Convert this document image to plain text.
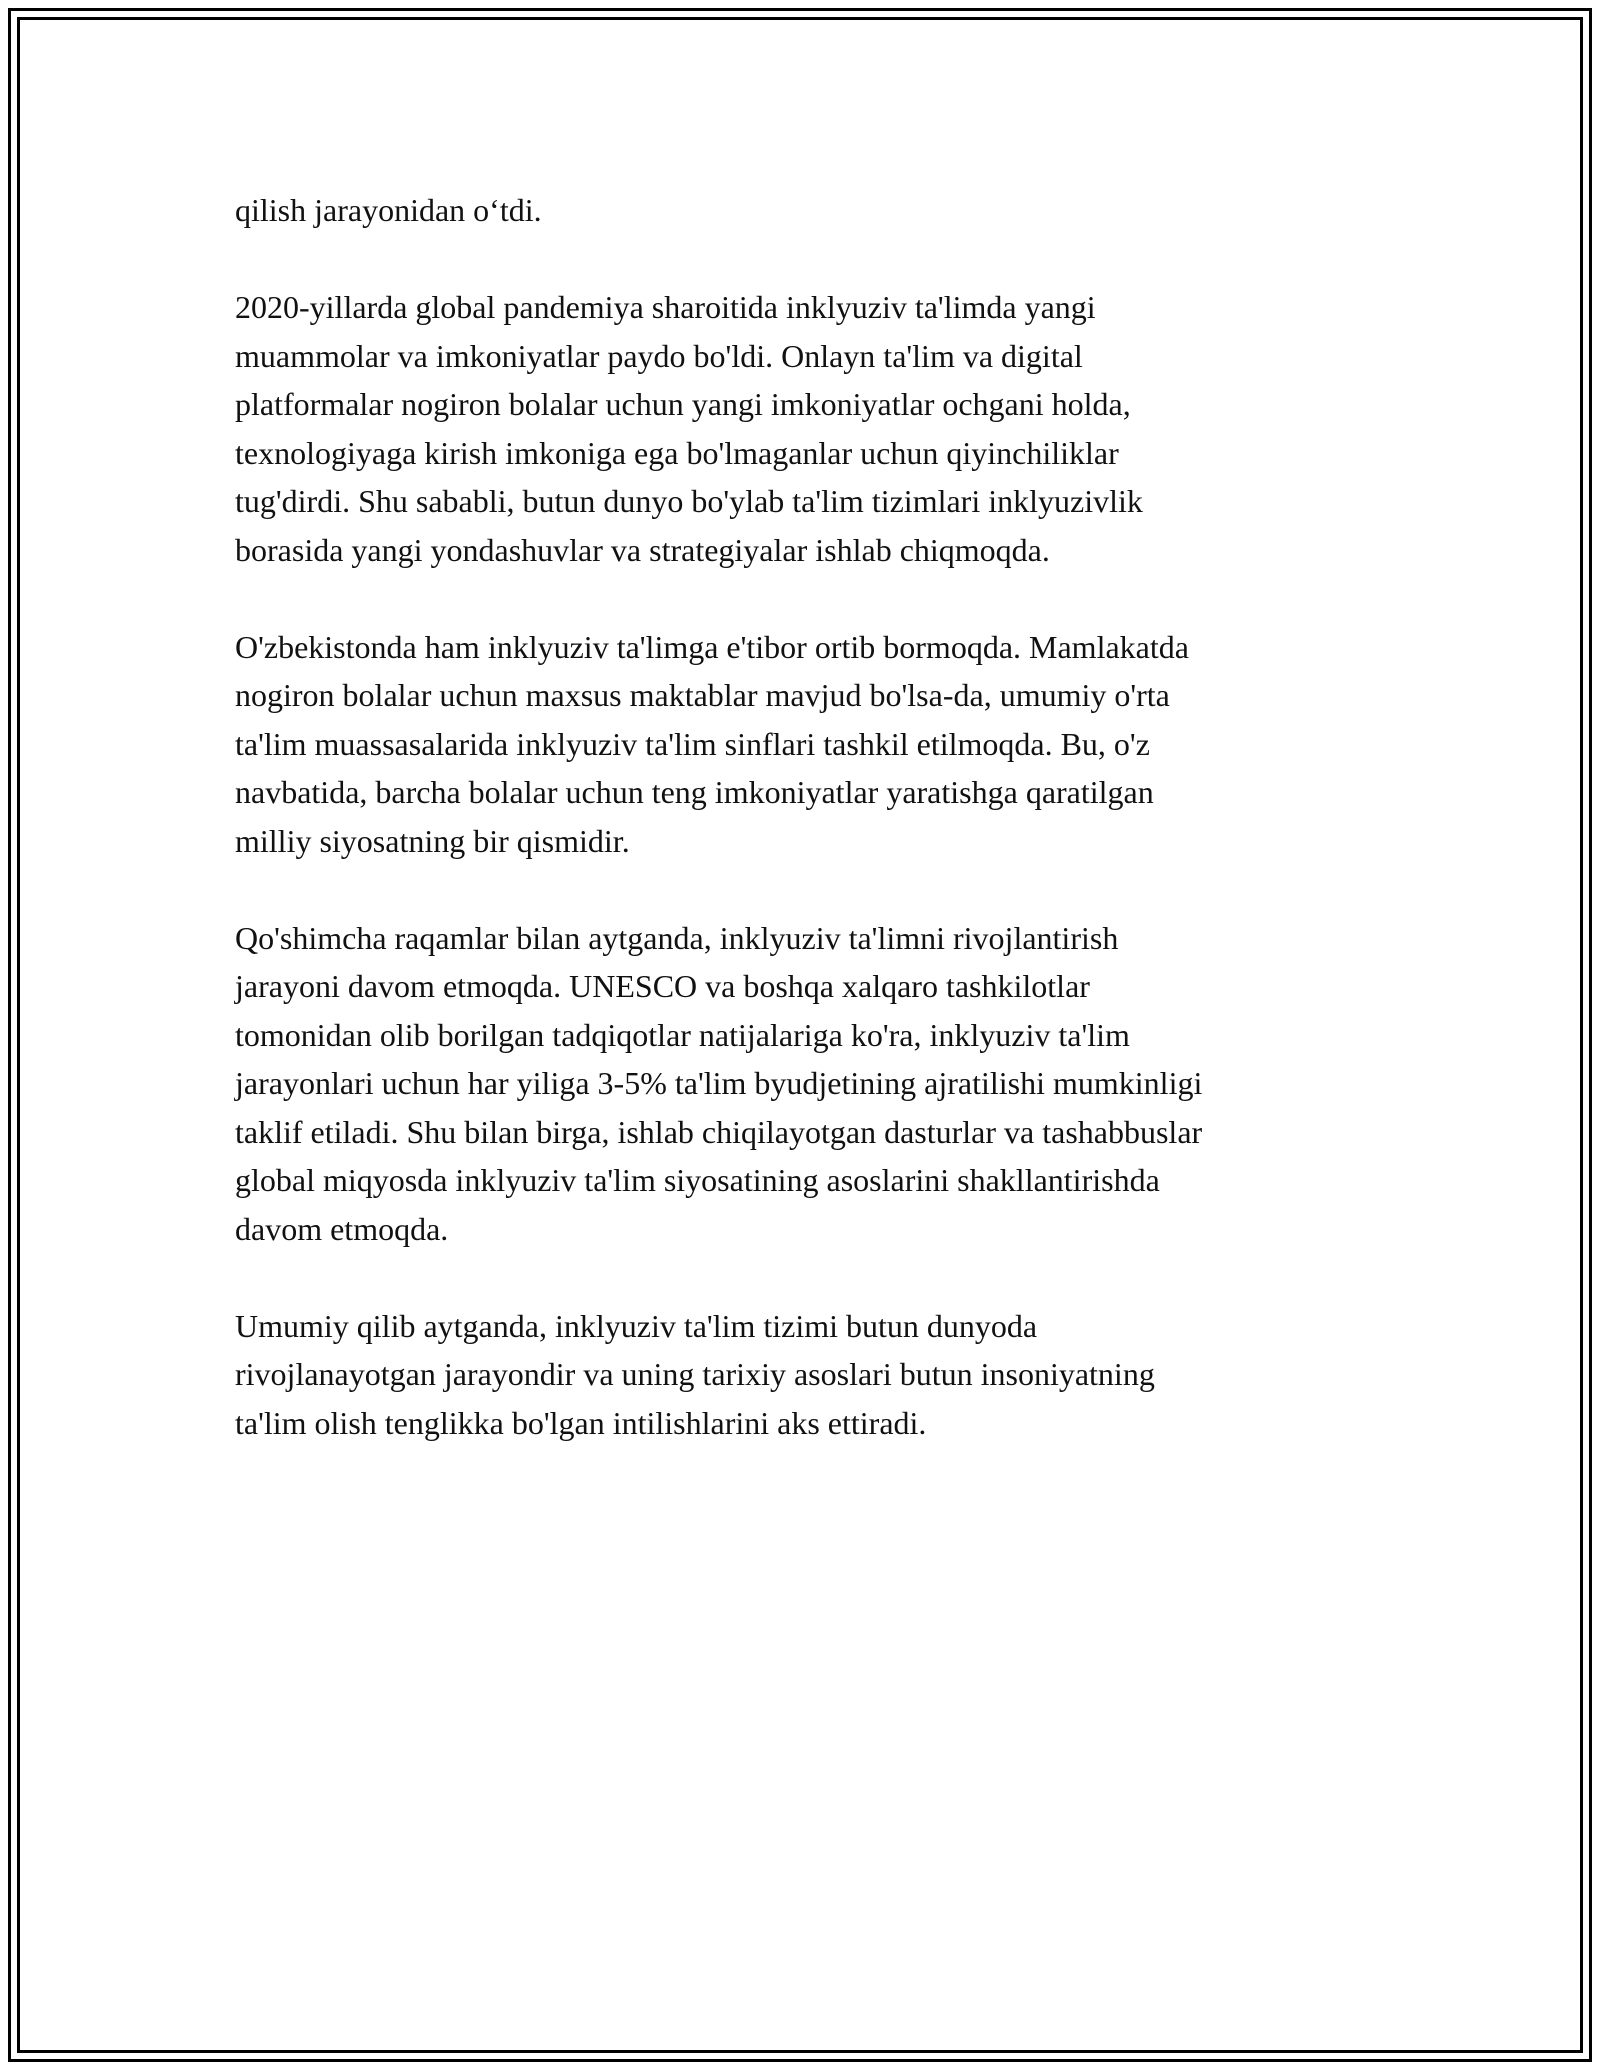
qilish jarayonidan o‘tdi.

2020-yillarda global pandemiya sharoitida inklyuziv ta'limda yangi
muammolar va imkoniyatlar paydo bo'ldi. Onlayn ta'lim va digital
platformalar nogiron bolalar uchun yangi imkoniyatlar ochgani holda,
texnologiyaga kirish imkoniga ega bo'lmaganlar uchun qiyinchiliklar
tug'dirdi. Shu sababli, butun dunyo bo'ylab ta'lim tizimlari inklyuzivlik
borasida yangi yondashuvlar va strategiyalar ishlab chiqmoqda.

O'zbekistonda ham inklyuziv ta'limga e'tibor ortib bormoqda. Mamlakatda
nogiron bolalar uchun maxsus maktablar mavjud bo'lsa-da, umumiy o'rta
ta'lim muassasalarida inklyuziv ta'lim sinflari tashkil etilmoqda. Bu, o'z
navbatida, barcha bolalar uchun teng imkoniyatlar yaratishga qaratilgan
milliy siyosatning bir qismidir.

Qo'shimcha raqamlar bilan aytganda, inklyuziv ta'limni rivojlantirish
jarayoni davom etmoqda. UNESCO va boshqa xalqaro tashkilotlar
tomonidan olib borilgan tadqiqotlar natijalariga ko'ra, inklyuziv ta'lim
jarayonlari uchun har yiliga 3-5% ta'lim byudjetining ajratilishi mumkinligi
taklif etiladi. Shu bilan birga, ishlab chiqilayotgan dasturlar va tashabbuslar
global miqyosda inklyuziv ta'lim siyosatining asoslarini shakllantirishda
davom etmoqda.

Umumiy qilib aytganda, inklyuziv ta'lim tizimi butun dunyoda
rivojlanayotgan jarayondir va uning tarixiy asoslari butun insoniyatning
ta'lim olish tenglikka bo'lgan intilishlarini aks ettiradi.
